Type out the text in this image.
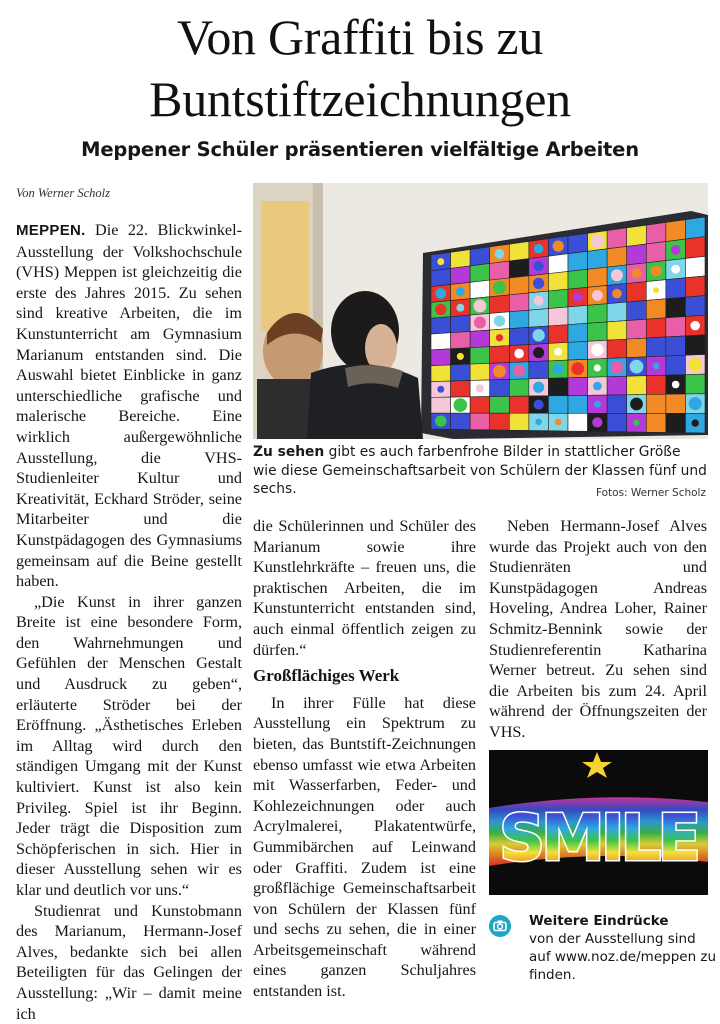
Von Graffiti bis zu
Buntstiftzeichnungen
Meppener Schüler präsentieren vielfältige Arbeiten
Von Werner Scholz

MEPPEN. Die 22. Blickwinkel-Ausstellung der Volkshochschule (VHS) Meppen ist gleichzeitig die erste des Jahres 2015. Zu sehen sind kreative Arbeiten, die im Kunstunterricht am Gymnasium Marianum entstanden sind. Die Auswahl bietet Einblicke in ganz unterschiedliche grafische und malerische Bereiche. Eine wirklich außergewöhnliche Ausstellung, die VHS-Studienleiter Kultur und Kreativität, Eckhard Ströder, seine Mitarbeiter und die Kunstpädagogen des Gymnasiums gemeinsam auf die Beine gestellt haben.

„Die Kunst in ihrer ganzen Breite ist eine besondere Form, den Wahrnehmungen und Gefühlen der Menschen Gestalt und Ausdruck zu geben“, erläuterte Ströder bei der Eröffnung. „Ästhetisches Erleben im Alltag wird durch den ständigen Umgang mit der Kunst kultiviert. Kunst ist also kein Privileg. Spiel ist ihr Beginn. Jeder trägt die Disposition zum Schöpferischen in sich. Hier in dieser Ausstellung sehen wir es klar und deutlich vor uns.“

Studienrat und Kunstobmann des Marianum, Hermann-Josef Alves, bedankte sich bei allen Beteiligten für das Gelingen der Ausstellung: „Wir – damit meine ich

Zu sehen gibt es auch farbenfrohe Bilder in stattlicher Größe wie diese Gemeinschaftsarbeit von Schülern der Klassen fünf und sechs.	Fotos: Werner Scholz

die Schülerinnen und Schüler des Marianum sowie ihre Kunstlehrkräfte – freuen uns, die praktischen Arbeiten, die im Kunstunterricht entstanden sind, auch einmal öffentlich zeigen zu dürfen.“

Großflächiges Werk

In ihrer Fülle hat diese Ausstellung ein Spektrum zu bieten, das Buntstift-Zeichnungen ebenso umfasst wie etwa Arbeiten mit Wasserfarben, Feder- und Kohlezeichnungen oder auch Acrylmalerei, Plakatentwürfe, Gummibärchen auf Leinwand oder Graffiti. Zudem ist eine großflächige Gemeinschaftsarbeit von Schülern der Klassen fünf und sechs zu sehen, die in einer Arbeitsgemeinschaft während eines ganzen Schuljahres entstanden ist.

Neben Hermann-Josef Alves wurde das Projekt auch von den Studienräten und Kunstpädagogen Andreas Hoveling, Andrea Loher, Rainer Schmitz-Bennink sowie der Studienreferentin Katharina Werner betreut. Zu sehen sind die Arbeiten bis zum 24. April während der Öffnungszeiten der VHS.

SMILE
Weitere Eindrücke
von der Ausstellung sind auf www.noz.de/meppen zu finden.
